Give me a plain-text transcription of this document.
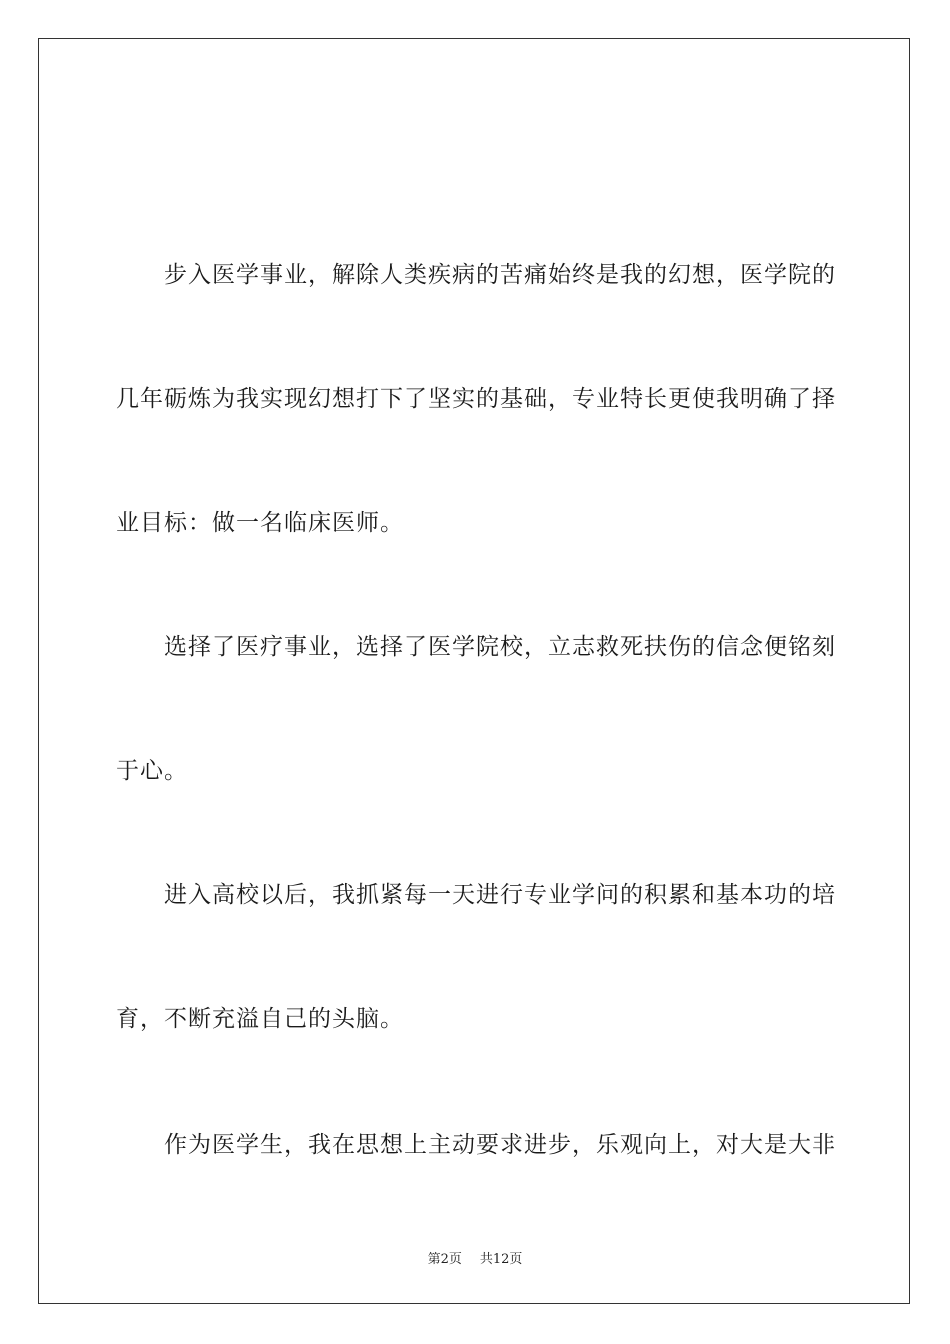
步入医学事业，解除人类疾病的苦痛始终是我的幻想，医学院的
几年砺炼为我实现幻想打下了坚实的基础，专业特长更使我明确了择
业目标：做一名临床医师。
选择了医疗事业，选择了医学院校，立志救死扶伤的信念便铭刻
于心。
进入高校以后，我抓紧每一天进行专业学问的积累和基本功的培
育，不断充溢自己的头脑。
作为医学生，我在思想上主动要求进步，乐观向上，对大是大非
第2页 共12页
